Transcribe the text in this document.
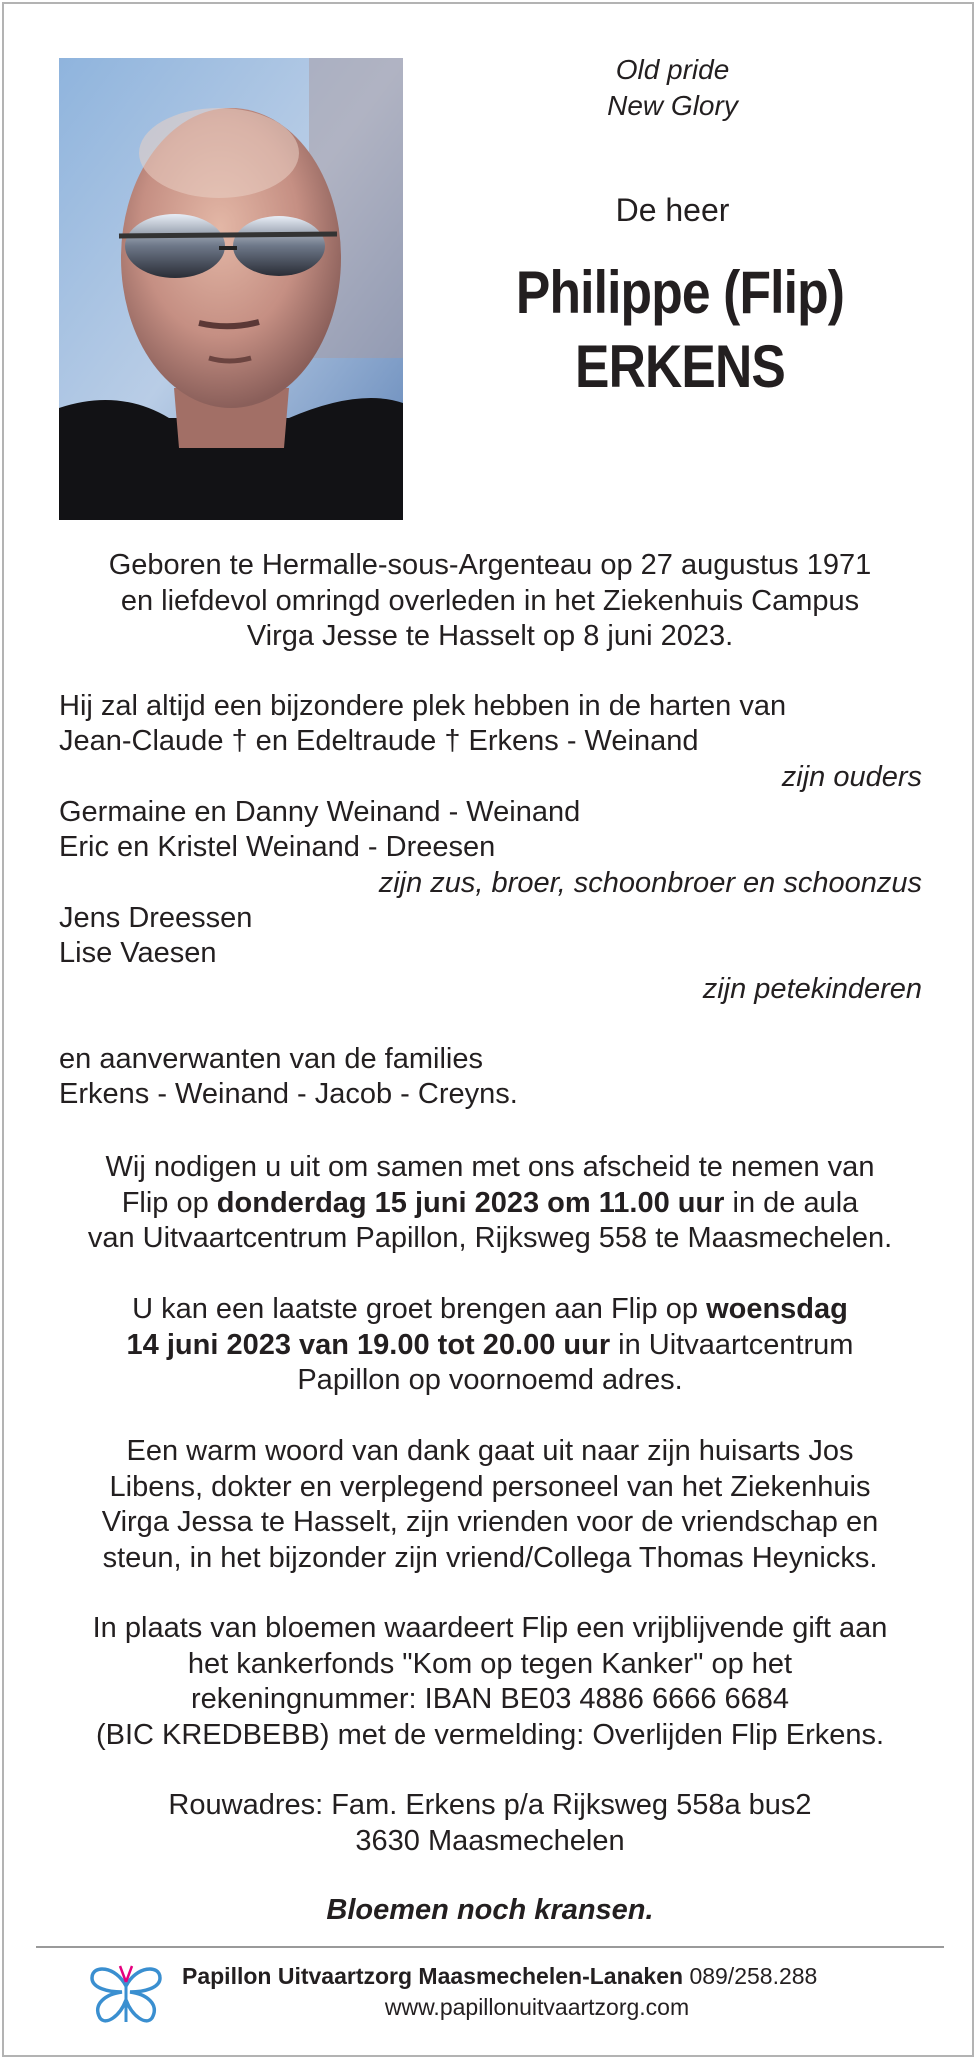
Old pride
New Glory
De heer
Philippe (Flip)
ERKENS
Geboren te Hermalle-sous-Argenteau op 27 augustus 1971
en liefdevol omringd overleden in het Ziekenhuis Campus
Virga Jesse te Hasselt op 8 juni 2023.
Hij zal altijd een bijzondere plek hebben in de harten van
Jean-Claude † en Edeltraude † Erkens - Weinand
zijn ouders
Germaine en Danny Weinand - Weinand
Eric en Kristel Weinand - Dreesen
zijn zus, broer, schoonbroer en schoonzus
Jens Dreessen
Lise Vaesen
zijn petekinderen
en aanverwanten van de families
Erkens - Weinand - Jacob - Creyns.
Wij nodigen u uit om samen met ons afscheid te nemen van
Flip op donderdag 15 juni 2023 om 11.00 uur in de aula
van Uitvaartcentrum Papillon, Rijksweg 558 te Maasmechelen.
U kan een laatste groet brengen aan Flip op woensdag
14 juni 2023 van 19.00 tot 20.00 uur in Uitvaartcentrum
Papillon op voornoemd adres.
Een warm woord van dank gaat uit naar zijn huisarts Jos
Libens, dokter en verplegend personeel van het Ziekenhuis
Virga Jessa te Hasselt, zijn vrienden voor de vriendschap en
steun, in het bijzonder zijn vriend/Collega Thomas Heynicks.
In plaats van bloemen waardeert Flip een vrijblijvende gift aan
het kankerfonds "Kom op tegen Kanker" op het
rekeningnummer: IBAN BE03 4886 6666 6684
(BIC KREDBEBB) met de vermelding: Overlijden Flip Erkens.
Rouwadres: Fam. Erkens p/a Rijksweg 558a bus2
3630 Maasmechelen
Bloemen noch kransen.
Papillon Uitvaartzorg Maasmechelen-Lanaken 089/258.288
www.papillonuitvaartzorg.com
